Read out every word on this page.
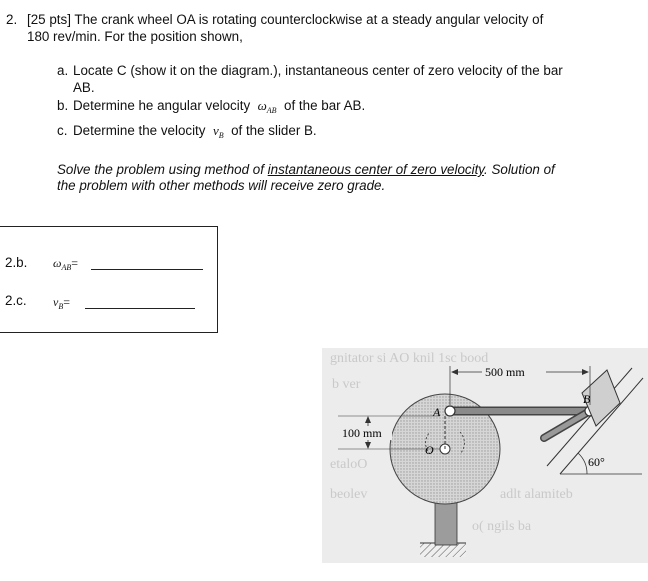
2. [25 pts] The crank wheel OA is rotating counterclockwise at a steady angular velocity of
180 rev/min. For the position shown,
a. Locate C (show it on the diagram.), instantaneous center of zero velocity of the bar
AB.
b. Determine he angular velocity $\omega_{AB}$ of the bar AB.
c. Determine the velocity $v_B$ of the slider B.
Solve the problem using method of instantaneous center of zero velocity. Solution of
the problem with other methods will receive zero grade.
2.b. $\omega_{AB}=$
2.c. $v_B=$
gnitator si AO knil 1sc bood
b ver
etaloO
beolev	adlt alamiteb
o( ngils ba
500 mm
100 mm
A
B
O
60°
